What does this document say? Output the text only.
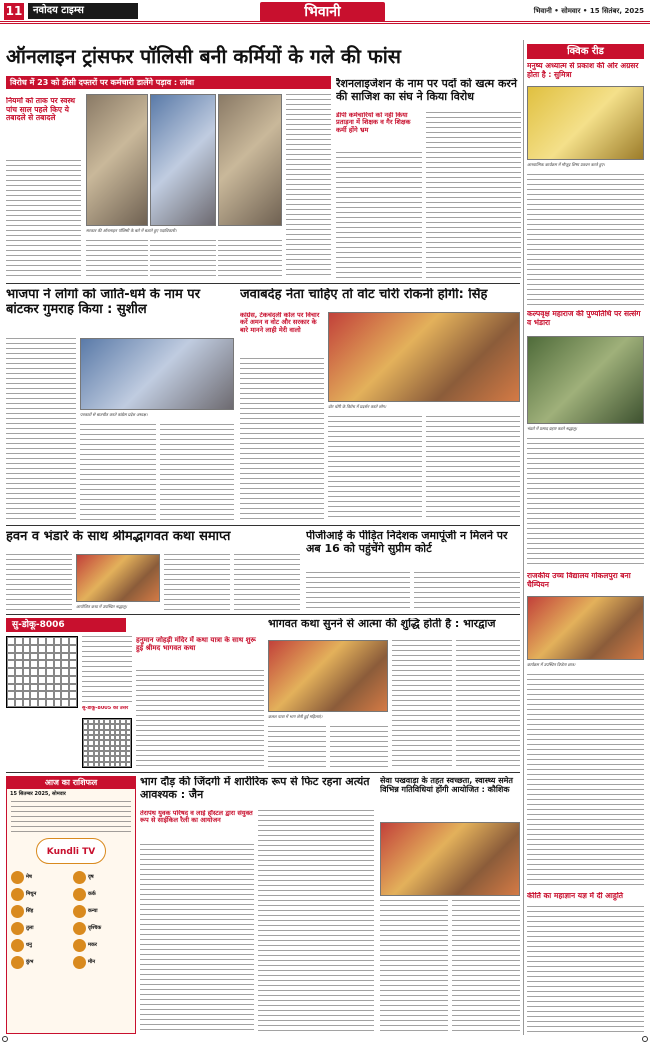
11	नवोदय टाइम्स	भिवानी	भिवानी • सोमवार • 15 सितंबर, 2025
ऑनलाइन ट्रांसफर पॉलिसी बनी कर्मियों के गले की फांस
विरोध में 23 को डीसी दफ्तरों पर कर्मचारी डालेंगे पड़ाव : लांबा
नियमों को ताक पर स्वस्थ पांच साल पहले किए ये तबादले से तबादले
सरकार की ऑनलाइन पॉलिसी के बारे में बताते हुए पदाधिकारी।
रैशनलाइजेशन के नाम पर पदों को खत्म करने की साजिश का संघ ने किया विरोध
डीपी कर्मचारियों को नहीं किया प्रताड़ना में शिक्षक व गैर शिक्षक कर्मी होंगे भ्रम
क्विक रीड
मनुष्य अध्यात्म से प्रकाश की ओर अग्रसर होता है : सुमित्रा
आध्यात्मिक कार्यक्रम में मौजूद शिष्य प्रवचन करते हुए।
कल्पवृक्ष महाराज की पुण्यतिथि पर सत्संग व भंडारा
भंडारे में प्रसाद ग्रहण करते श्रद्धालु।
राजकीय उच्च विद्यालय गोकलपुरा बना चैम्पियन
कार्यक्रम में उपस्थित विजेता छात्र।
कीर्ति का महाज्ञान यज्ञ में दी आहुति
भाजपा ने लोगों को जाति-धर्म के नाम पर बांटकर गुमराह किया : सुशील
पत्रकारों से बातचीत करते कांग्रेस प्रदेश अध्यक्ष।
जवाबदेह नेता चाहिए तो वोट चोरी रोकनी होगी: सिंह
कांग्रेस, टेकचंदली कोल पर विचार करें अमन व वोट और सरकार के बारे मानने लाही मेरी वालो
वोट चोरी के विरोध में प्रदर्शन करते लोग।
हवन व भंडारे के साथ श्रीमद्भागवत कथा समाप्त
आयोजित कथा में उपस्थित श्रद्धालु।
पीजीआई के पीड़ित निदेशक जमापूंजी न मिलने पर अब 16 को पहुंचेंगे सुप्रीम कोर्ट
सु-डोकू-8006
सु-डोकू-8005 का उत्तर
हनुमान जोहड़ी मंदिर में कथा यात्रा के साथ शुरू हुई श्रीमद भागवत कथा
भागवत कथा सुनने से आत्मा की शुद्धि होती है : भारद्वाज
कलश यात्रा में भाग लेती हुई महिलाएं।
आज का राशिफल
15 सितम्बर 2025, सोमवार
Kundli TV
मेष	वृष
मिथुन	कर्क
सिंह	कन्या
तुला	वृश्चिक
धनु	मकर
कुंभ	मीन
भाग दौड़ की जिंदगी में शारीरिक रूप से फिट रहना अत्यंत आवश्यक : जैन
तेरापंथ युवक परिषद व लाई हॉस्टल द्वारा संयुक्त रूप से साईकिल रैली का आयोजन
सेवा पखवाड़ा के तहत स्वच्छता, स्वास्थ्य समेत विभिन्न गतिविधियां होंगी आयोजित : कौशिक
